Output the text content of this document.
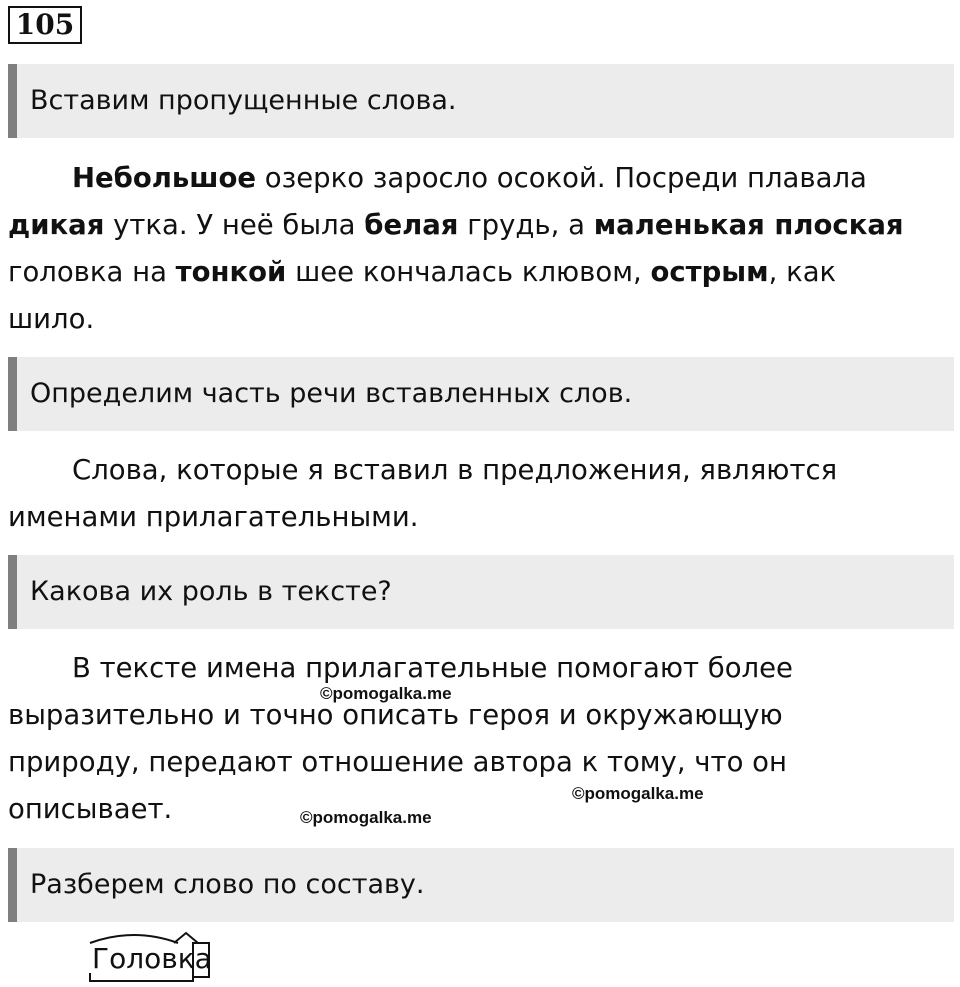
105
Вставим пропущенные слова.
Небольшое озерко заросло осокой. Посреди плавала
дикая утка. У неё была белая грудь, а маленькая плоская
головка на тонкой шее кончалась клювом, острым, как
шило.
Определим часть речи вставленных слов.
Слова, которые я вставил в предложения, являются
именами прилагательными.
Какова их роль в тексте?
В тексте имена прилагательные помогают более
выразительно и точно описать героя и окружающую
природу, передают отношение автора к тому, что он
описывает.
©pomogalka.me
©pomogalka.me
©pomogalka.me
Разберем слово по составу.
Головка
